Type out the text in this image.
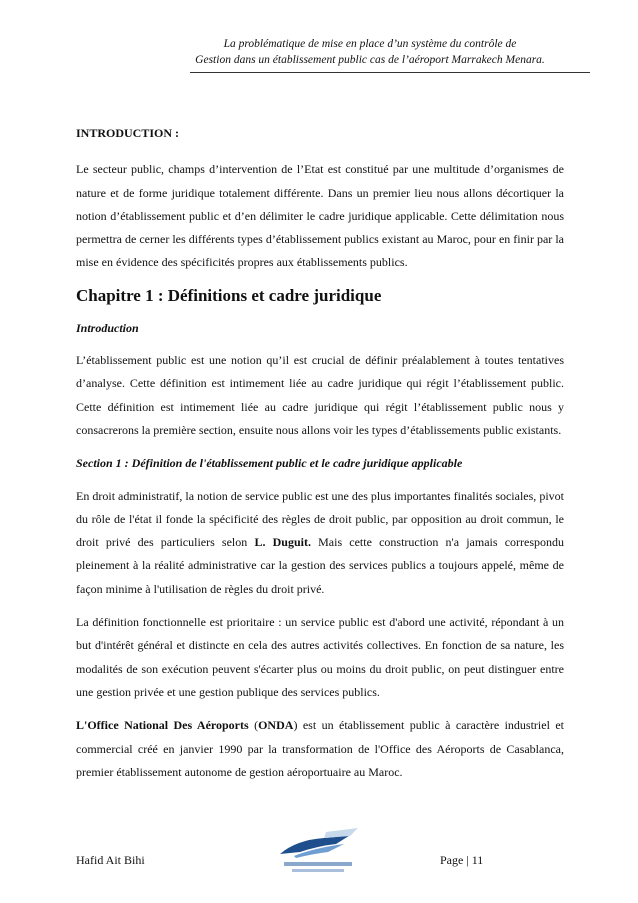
La problématique de mise en place d’un système du contrôle de
Gestion dans un établissement public cas de l’aéroport Marrakech Menara.

INTRODUCTION :

Le secteur public, champs d’intervention de l’Etat est constitué par une multitude d’organismes de nature et de forme juridique totalement différente. Dans un premier lieu nous allons décortiquer la notion d’établissement public et d’en délimiter le cadre juridique applicable. Cette délimitation nous permettra de cerner les différents types d’établissement publics existant au Maroc, pour en finir par la mise en évidence des spécificités propres aux établissements publics.

Chapitre 1 : Définitions et cadre juridique

Introduction

L’établissement public est une notion qu’il est crucial de définir préalablement à toutes tentatives d’analyse. Cette définition est intimement liée au cadre juridique qui régit l’établissement public. Cette définition est intimement liée au cadre juridique qui régit l’établissement public nous y consacrerons la première section, ensuite nous allons voir les types d’établissements public existants.

Section 1 : Définition de l'établissement public et le cadre juridique applicable

En droit administratif, la notion de service public est une des plus importantes finalités sociales, pivot du rôle de l'état il fonde la spécificité des règles de droit public, par opposition au droit commun, le droit privé des particuliers selon L. Duguit. Mais cette construction n'a jamais correspondu pleinement à la réalité administrative car la gestion des services publics a toujours appelé, même de façon minime à l'utilisation de règles du droit privé.

La définition fonctionnelle est prioritaire : un service public est d'abord une activité, répondant à un but d'intérêt général et distincte en cela des autres activités collectives. En fonction de sa nature, les modalités de son exécution peuvent s'écarter plus ou moins du droit public, on peut distinguer entre une gestion privée et une gestion publique des services publics.

L'Office National Des Aéroports (ONDA) est un établissement public à caractère industriel et commercial créé en janvier 1990 par la transformation de l'Office des Aéroports de Casablanca, premier établissement autonome de gestion aéroportuaire au Maroc.

Hafid Ait Bihi	Page | 11
